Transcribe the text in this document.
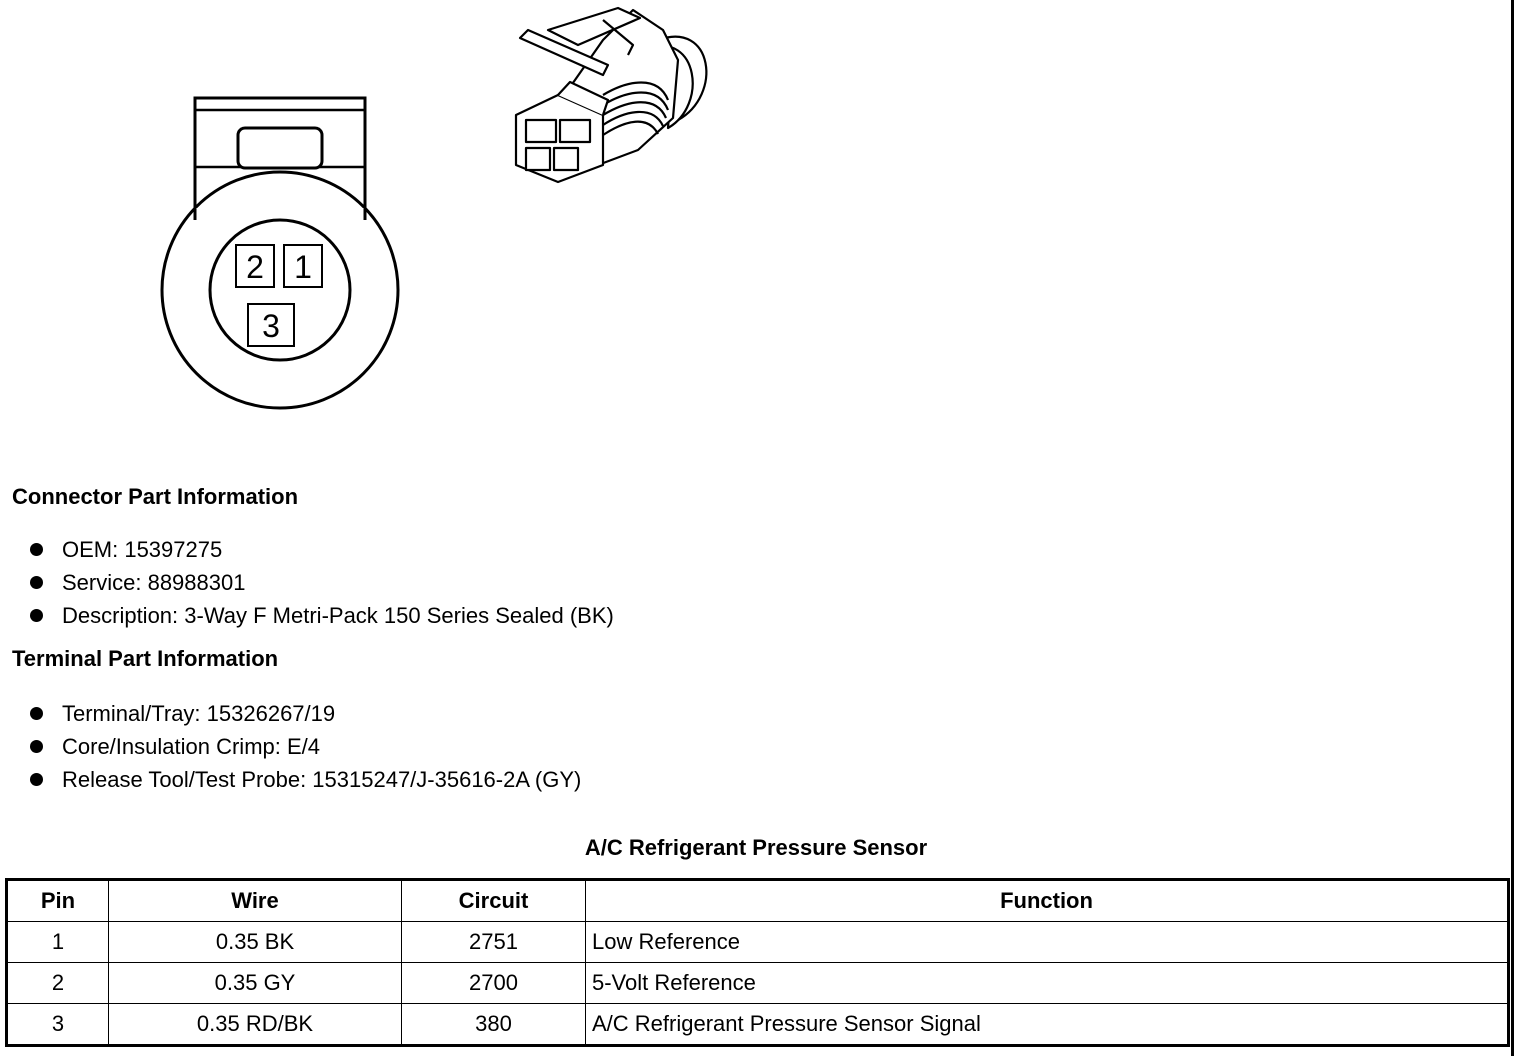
2 1
3
Connector Part Information
OEM: 15397275
Service: 88988301
Description: 3-Way F Metri-Pack 150 Series Sealed (BK)
Terminal Part Information
Terminal/Tray: 15326267/19
Core/Insulation Crimp: E/4
Release Tool/Test Probe: 15315247/J-35616-2A (GY)
A/C Refrigerant Pressure Sensor
Pin	Wire	Circuit	Function
1	0.35 BK	2751	Low Reference
2	0.35 GY	2700	5-Volt Reference
3	0.35 RD/BK	380	A/C Refrigerant Pressure Sensor Signal
